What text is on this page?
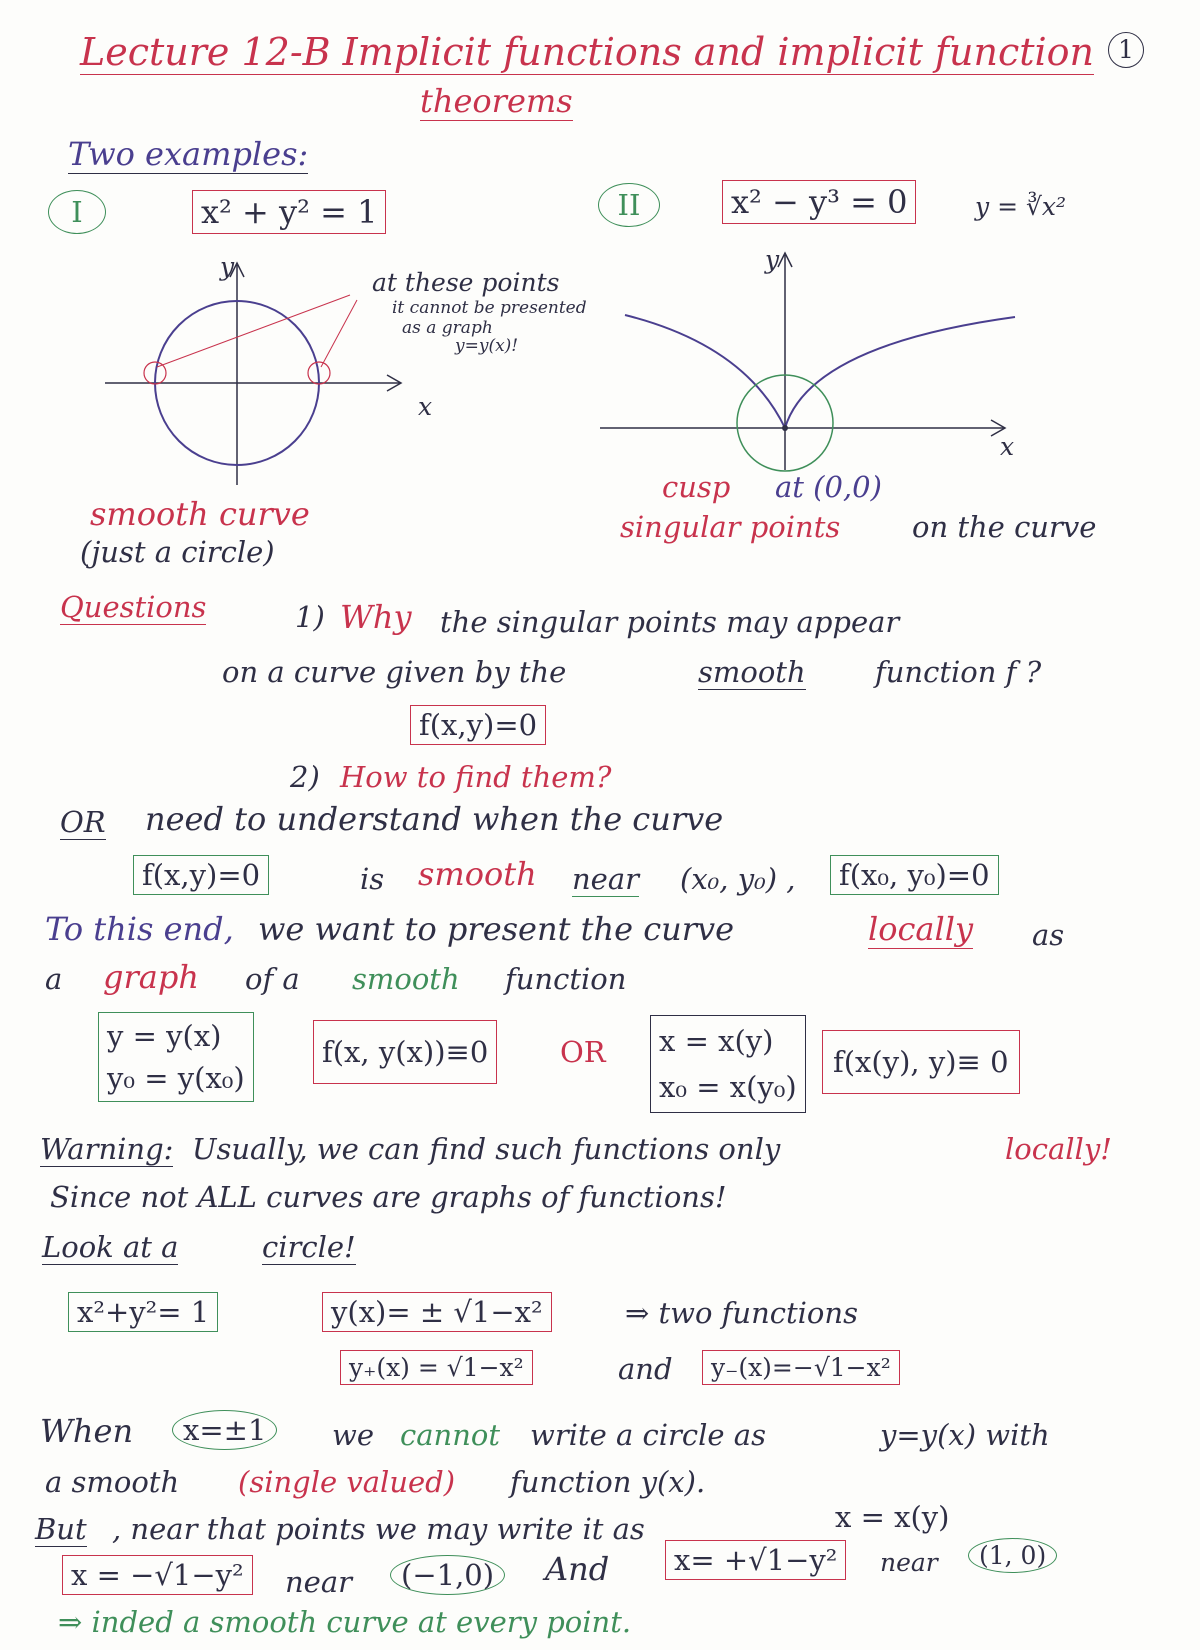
Lecture 12-B Implicit functions and implicit function
theorems
1
Two examples:
I	x² + y² = 1
y
x
at these points
it cannot be presented
as a graph
y=y(x)!
smooth curve
(just a circle)
II	x² − y³ = 0	y = ∛x²
y
x
cusp at (0,0)
singular points on the curve
Questions	1) Why the singular points may appear
on a curve given by the	smooth function f ?
f(x,y)=0
2) How to find them?
OR need to understand when the curve
f(x,y)=0	is smooth near (x₀, y₀) ,	f(x₀, y₀)=0
To this end, we want to present the curve	locally as
a graph of a smooth function
y = y(x)
y₀ = y(x₀)
f(x, y(x))≡0	OR x = x(y)
x₀ = x(y₀)
f(x(y), y)≡ 0
Warning: Usually, we can find such functions only	locally!
Since not ALL curves are graphs of functions!
Look at a	circle!
x²+y²= 1	y(x)= ± √1−x²	⇒ two functions
y₊(x) = √1−x²	and	y₋(x)=−√1−x²
When	x=±1	we cannot write a circle as	y=y(x) with
a smooth (single valued) function y(x).
But , near that points we may write it as	x = x(y)
x = −√1−y²	near	(−1,0)	And	x= +√1−y²	near	(1, 0)
⇒ inded a smooth curve at every point.
